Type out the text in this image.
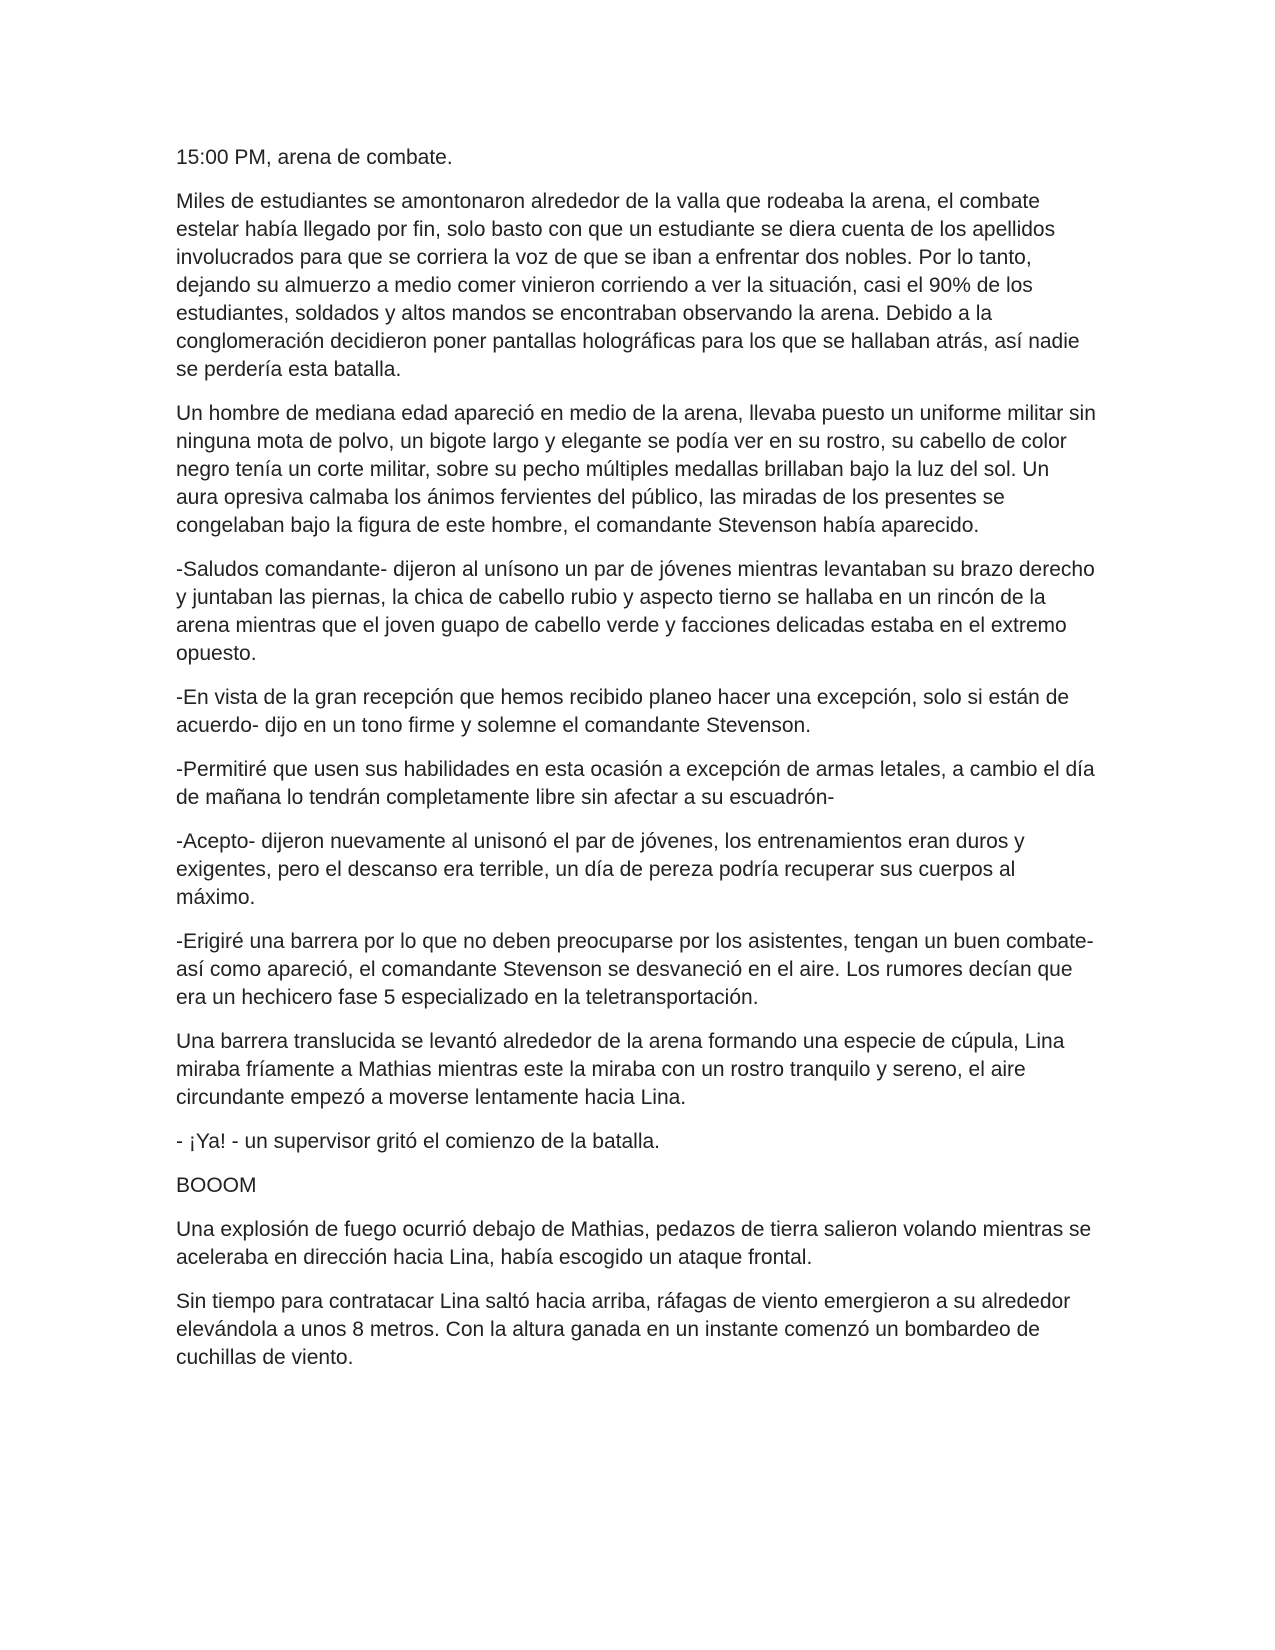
15:00 PM, arena de combate.

Miles de estudiantes se amontonaron alrededor de la valla que rodeaba la arena, el combate estelar había llegado por fin, solo basto con que un estudiante se diera cuenta de los apellidos involucrados para que se corriera la voz de que se iban a enfrentar dos nobles. Por lo tanto, dejando su almuerzo a medio comer vinieron corriendo a ver la situación, casi el 90% de los estudiantes, soldados y altos mandos se encontraban observando la arena. Debido a la conglomeración decidieron poner pantallas holográficas para los que se hallaban atrás, así nadie se perdería esta batalla.

Un hombre de mediana edad apareció en medio de la arena, llevaba puesto un uniforme militar sin ninguna mota de polvo, un bigote largo y elegante se podía ver en su rostro, su cabello de color negro tenía un corte militar, sobre su pecho múltiples medallas brillaban bajo la luz del sol. Un aura opresiva calmaba los ánimos fervientes del público, las miradas de los presentes se congelaban bajo la figura de este hombre, el comandante Stevenson había aparecido.

-Saludos comandante- dijeron al unísono un par de jóvenes mientras levantaban su brazo derecho y juntaban las piernas, la chica de cabello rubio y aspecto tierno se hallaba en un rincón de la arena mientras que el joven guapo de cabello verde y facciones delicadas estaba en el extremo opuesto.

-En vista de la gran recepción que hemos recibido planeo hacer una excepción, solo si están de acuerdo- dijo en un tono firme y solemne el comandante Stevenson.

-Permitiré que usen sus habilidades en esta ocasión a excepción de armas letales, a cambio el día de mañana lo tendrán completamente libre sin afectar a su escuadrón-

-Acepto- dijeron nuevamente al unisonó el par de jóvenes, los entrenamientos eran duros y exigentes, pero el descanso era terrible, un día de pereza podría recuperar sus cuerpos al máximo.

-Erigiré una barrera por lo que no deben preocuparse por los asistentes, tengan un buen combate- así como apareció, el comandante Stevenson se desvaneció en el aire. Los rumores decían que era un hechicero fase 5 especializado en la teletransportación.

Una barrera translucida se levantó alrededor de la arena formando una especie de cúpula, Lina miraba fríamente a Mathias mientras este la miraba con un rostro tranquilo y sereno, el aire circundante empezó a moverse lentamente hacia Lina.

- ¡Ya! - un supervisor gritó el comienzo de la batalla.

BOOOM

Una explosión de fuego ocurrió debajo de Mathias, pedazos de tierra salieron volando mientras se aceleraba en dirección hacia Lina, había escogido un ataque frontal.

Sin tiempo para contratacar Lina saltó hacia arriba, ráfagas de viento emergieron a su alrededor elevándola a unos 8 metros. Con la altura ganada en un instante comenzó un bombardeo de cuchillas de viento.
